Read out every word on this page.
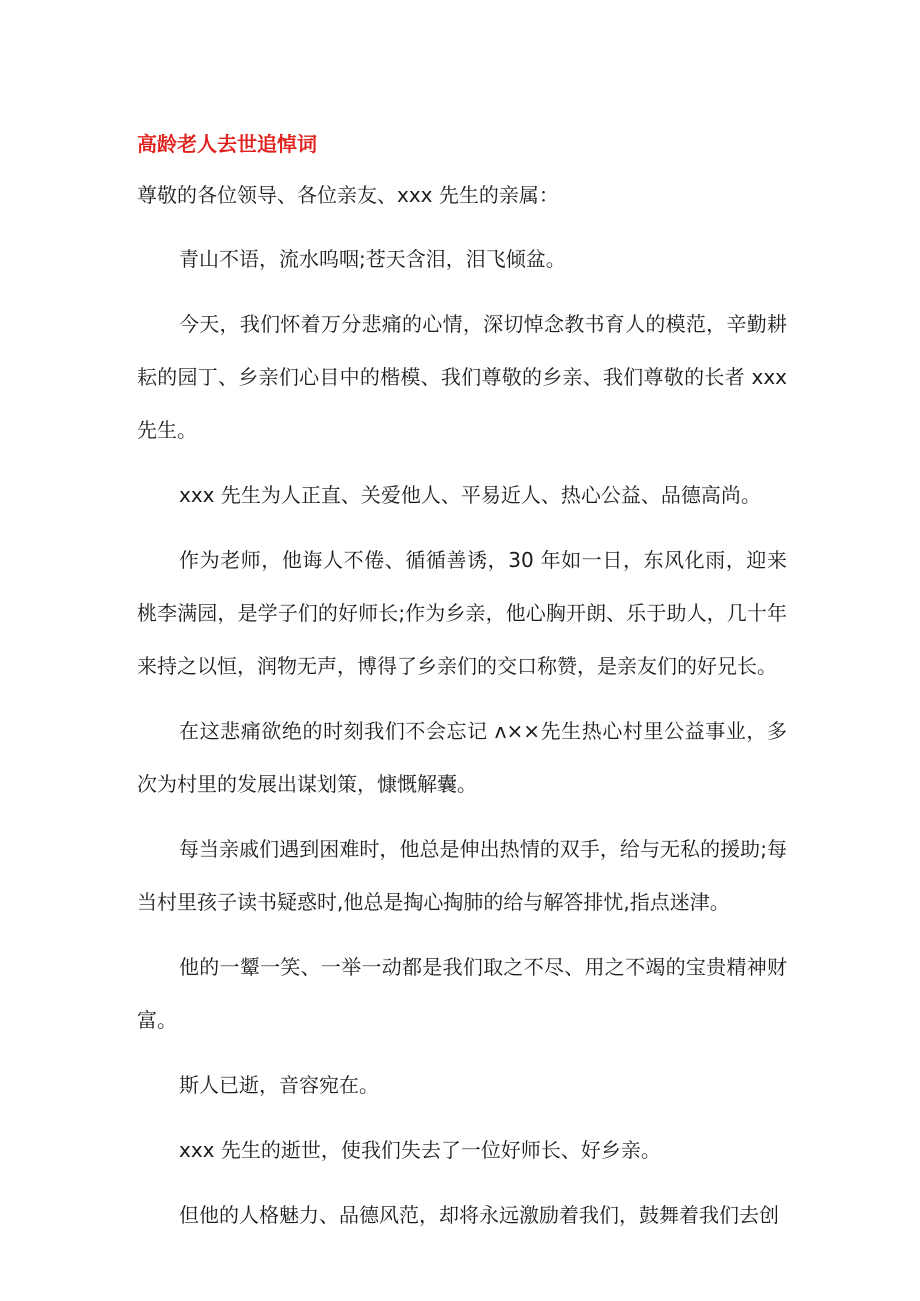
高龄老人去世追悼词
尊敬的各位领导、各位亲友、xxx 先生的亲属：

青山不语，流水呜咽;苍天含泪，泪飞倾盆。

今天，我们怀着万分悲痛的心情，深切悼念教书育人的模范，辛勤耕耘的园丁、乡亲们心目中的楷模、我们尊敬的乡亲、我们尊敬的长者 xxx 先生。

xxx 先生为人正直、关爱他人、平易近人、热心公益、品德高尚。

作为老师，他诲人不倦、循循善诱，30 年如一日，东风化雨，迎来桃李满园，是学子们的好师长;作为乡亲，他心胸开朗、乐于助人，几十年来持之以恒，润物无声，博得了乡亲们的交口称赞，是亲友们的好兄长。

在这悲痛欲绝的时刻我们不会忘记 ʌ××先生热心村里公益事业，多次为村里的发展出谋划策，慷慨解囊。

每当亲戚们遇到困难时，他总是伸出热情的双手，给与无私的援助;每当村里孩子读书疑惑时,他总是掏心掏肺的给与解答排忧,指点迷津。

他的一颦一笑、一举一动都是我们取之不尽、用之不竭的宝贵精神财富。

斯人已逝，音容宛在。

xxx 先生的逝世，使我们失去了一位好师长、好乡亲。

但他的人格魅力、品德风范，却将永远激励着我们，鼓舞着我们去创
